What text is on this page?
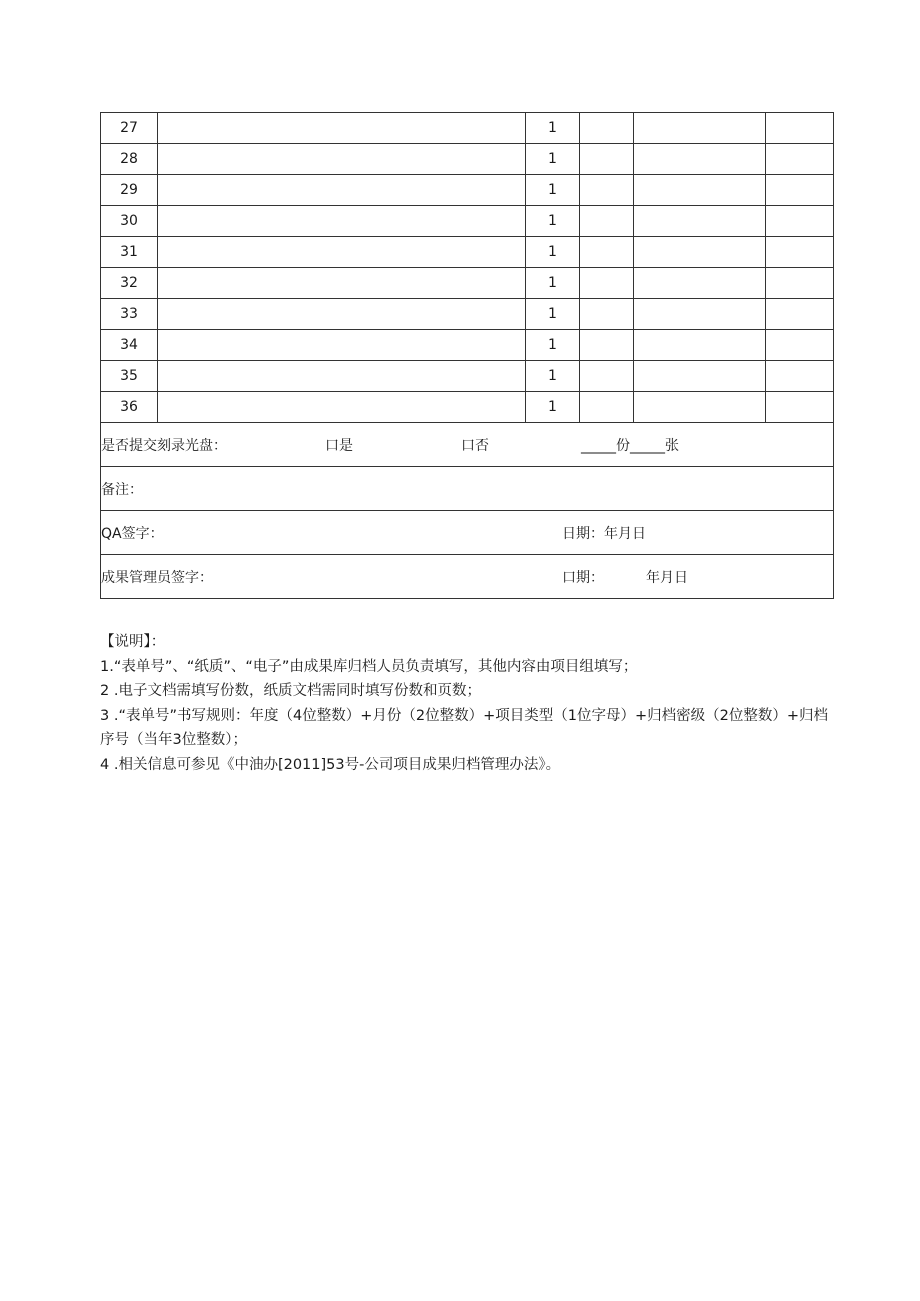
27		1			
28		1			
29		1			
30		1			
31		1			
32		1			
33		1			
34		1			
35		1			
36		1			

是否提交刻录光盘： 口是 口否 _____份_____张					

备注：					

QA签字： 日期：年月日					

成果管理员签字： 口期： 年月日					
【说明】：
1.“表单号”、“纸质”、“电子”由成果库归档人员负责填写，其他内容由项目组填写；
2 .电子文档需填写份数，纸质文档需同时填写份数和页数；
3 .“表单号”书写规则：年度（4位整数）+月份（2位整数）+项目类型（1位字母）+归档密级（2位整数）+归档序号（当年3位整数）；
4 .相关信息可参见《中油办[2011]53号-公司项目成果归档管理办法》。
